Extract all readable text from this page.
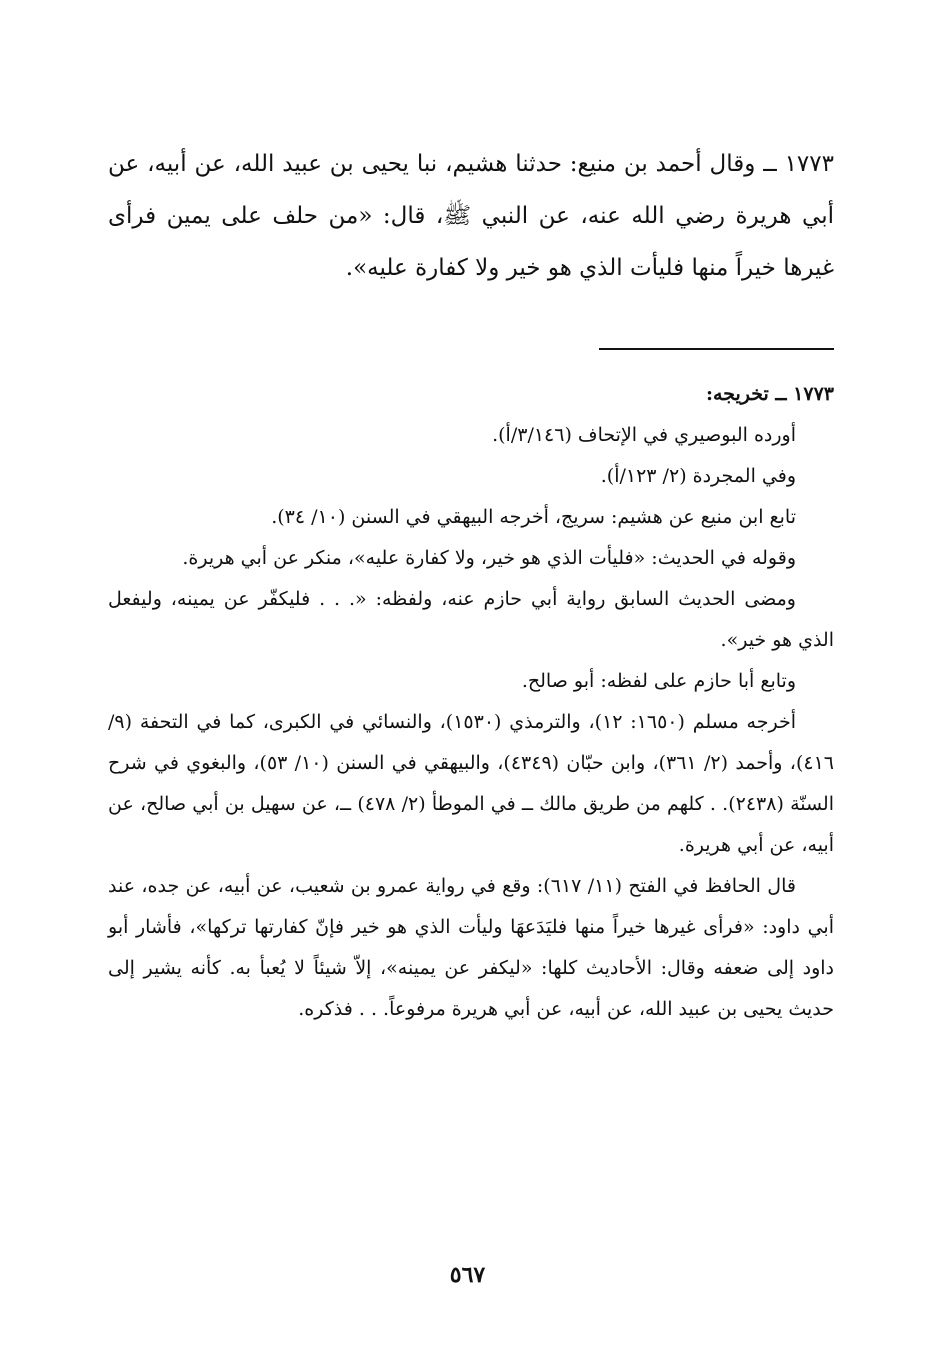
١٧٧٣ ــ وقال أحمد بن منيع: حدثنا هشيم، نبا يحيى بن عبيد الله، عن أبيه، عن أبي هريرة رضي الله عنه، عن النبي ﷺ، قال: «من حلف على يمين فرأى غيرها خيراً منها فليأت الذي هو خير ولا كفارة عليه».

١٧٧٣ ــ تخريجه:

أورده البوصيري في الإتحاف (٣/١٤٦/أ).

وفي المجردة (٢/ ١٢٣/أ).

تابع ابن منيع عن هشيم: سريج، أخرجه البيهقي في السنن (١٠/ ٣٤).

وقوله في الحديث: «فليأت الذي هو خير، ولا كفارة عليه»، منكر عن أبي هريرة.

ومضى الحديث السابق رواية أبي حازم عنه، ولفظه: «. . . فليكفّر عن يمينه، وليفعل الذي هو خير».

وتابع أبا حازم على لفظه: أبو صالح.

أخرجه مسلم (١٦٥٠: ١٢)، والترمذي (١٥٣٠)، والنسائي في الكبرى، كما في التحفة (٩/ ٤١٦)، وأحمد (٢/ ٣٦١)، وابن حبّان (٤٣٤٩)، والبيهقي في السنن (١٠/ ٥٣)، والبغوي في شرح السنّة (٢٤٣٨). . كلهم من طريق مالك ــ في الموطأ (٢/ ٤٧٨) ــ، عن سهيل بن أبي صالح، عن أبيه، عن أبي هريرة.

قال الحافظ في الفتح (١١/ ٦١٧): وقع في رواية عمرو بن شعيب، عن أبيه، عن جده، عند أبي داود: «فرأى غيرها خيراً منها فليَدَعهَا وليأت الذي هو خير فإنّ كفارتها تركها»، فأشار أبو داود إلى ضعفه وقال: الأحاديث كلها: «ليكفر عن يمينه»، إلاّ شيئاً لا يُعبأ به. كأنه يشير إلى حديث يحيى بن عبيد الله، عن أبيه، عن أبي هريرة مرفوعاً. . . فذكره.

٥٦٧
